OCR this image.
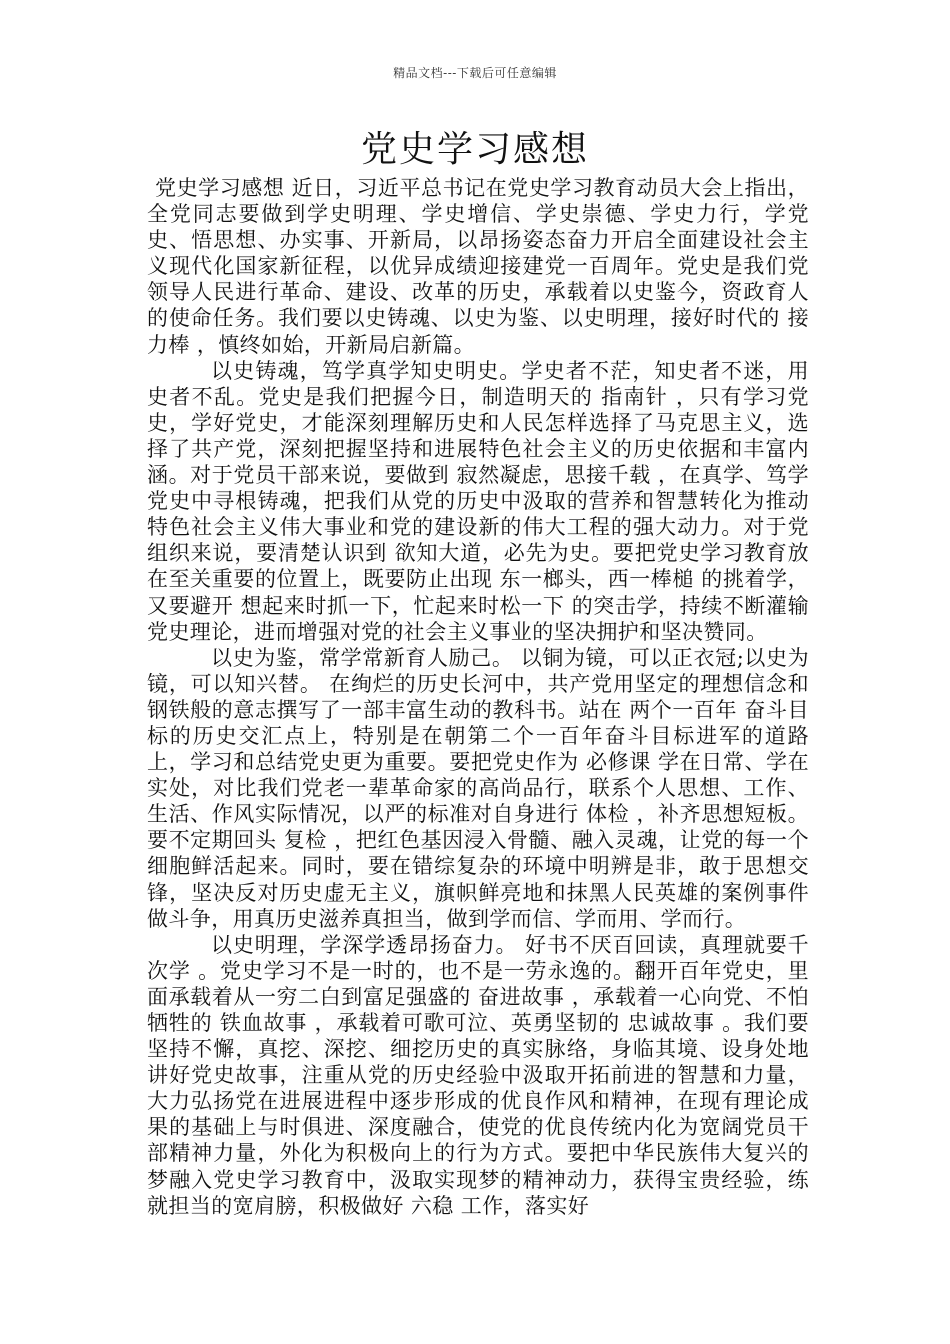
精品文档---下载后可任意编辑
党史学习感想

党史学习感想 近日，习近平总书记在党史学习教育动员大会上指出，全党同志要做到学史明理、学史增信、学史崇德、学史力行，学党史、悟思想、办实事、开新局，以昂扬姿态奋力开启全面建设社会主义现代化国家新征程，以优异成绩迎接建党一百周年。党史是我们党领导人民进行革命、建设、改革的历史，承载着以史鉴今，资政育人的使命任务。我们要以史铸魂、以史为鉴、以史明理，接好时代的 接力棒 ，慎终如始，开新局启新篇。

以史铸魂，笃学真学知史明史。学史者不茫，知史者不迷，用史者不乱。党史是我们把握今日，制造明天的 指南针 ，只有学习党史，学好党史，才能深刻理解历史和人民怎样选择了马克思主义，选择了共产党，深刻把握坚持和进展特色社会主义的历史依据和丰富内涵。对于党员干部来说，要做到 寂然凝虑，思接千载 ，在真学、笃学党史中寻根铸魂，把我们从党的历史中汲取的营养和智慧转化为推动特色社会主义伟大事业和党的建设新的伟大工程的强大动力。对于党组织来说，要清楚认识到 欲知大道，必先为史。要把党史学习教育放在至关重要的位置上，既要防止出现 东一榔头，西一棒槌 的挑着学，又要避开 想起来时抓一下，忙起来时松一下 的突击学，持续不断灌输党史理论，进而增强对党的社会主义事业的坚决拥护和坚决赞同。

以史为鉴，常学常新育人励己。 以铜为镜，可以正衣冠;以史为镜，可以知兴替。 在绚烂的历史长河中，共产党用坚定的理想信念和钢铁般的意志撰写了一部丰富生动的教科书。站在 两个一百年 奋斗目标的历史交汇点上，特别是在朝第二个一百年奋斗目标进军的道路上，学习和总结党史更为重要。要把党史作为 必修课 学在日常、学在实处，对比我们党老一辈革命家的高尚品行，联系个人思想、工作、生活、作风实际情况，以严的标准对自身进行 体检 ，补齐思想短板。要不定期回头 复检 ，把红色基因浸入骨髓、融入灵魂，让党的每一个细胞鲜活起来。同时，要在错综复杂的环境中明辨是非，敢于思想交锋，坚决反对历史虚无主义，旗帜鲜亮地和抹黑人民英雄的案例事件做斗争，用真历史滋养真担当，做到学而信、学而用、学而行。

以史明理，学深学透昂扬奋力。 好书不厌百回读，真理就要千次学 。党史学习不是一时的，也不是一劳永逸的。翻开百年党史，里面承载着从一穷二白到富足强盛的 奋进故事 ，承载着一心向党、不怕牺牲的 铁血故事 ，承载着可歌可泣、英勇坚韧的 忠诚故事 。我们要坚持不懈，真挖、深挖、细挖历史的真实脉络，身临其境、设身处地讲好党史故事，注重从党的历史经验中汲取开拓前进的智慧和力量，大力弘扬党在进展进程中逐步形成的优良作风和精神，在现有理论成果的基础上与时俱进、深度融合，使党的优良传统内化为宽阔党员干部精神力量，外化为积极向上的行为方式。要把中华民族伟大复兴的梦融入党史学习教育中，汲取实现梦的精神动力，获得宝贵经验，练就担当的宽肩膀，积极做好 六稳 工作，落实好
